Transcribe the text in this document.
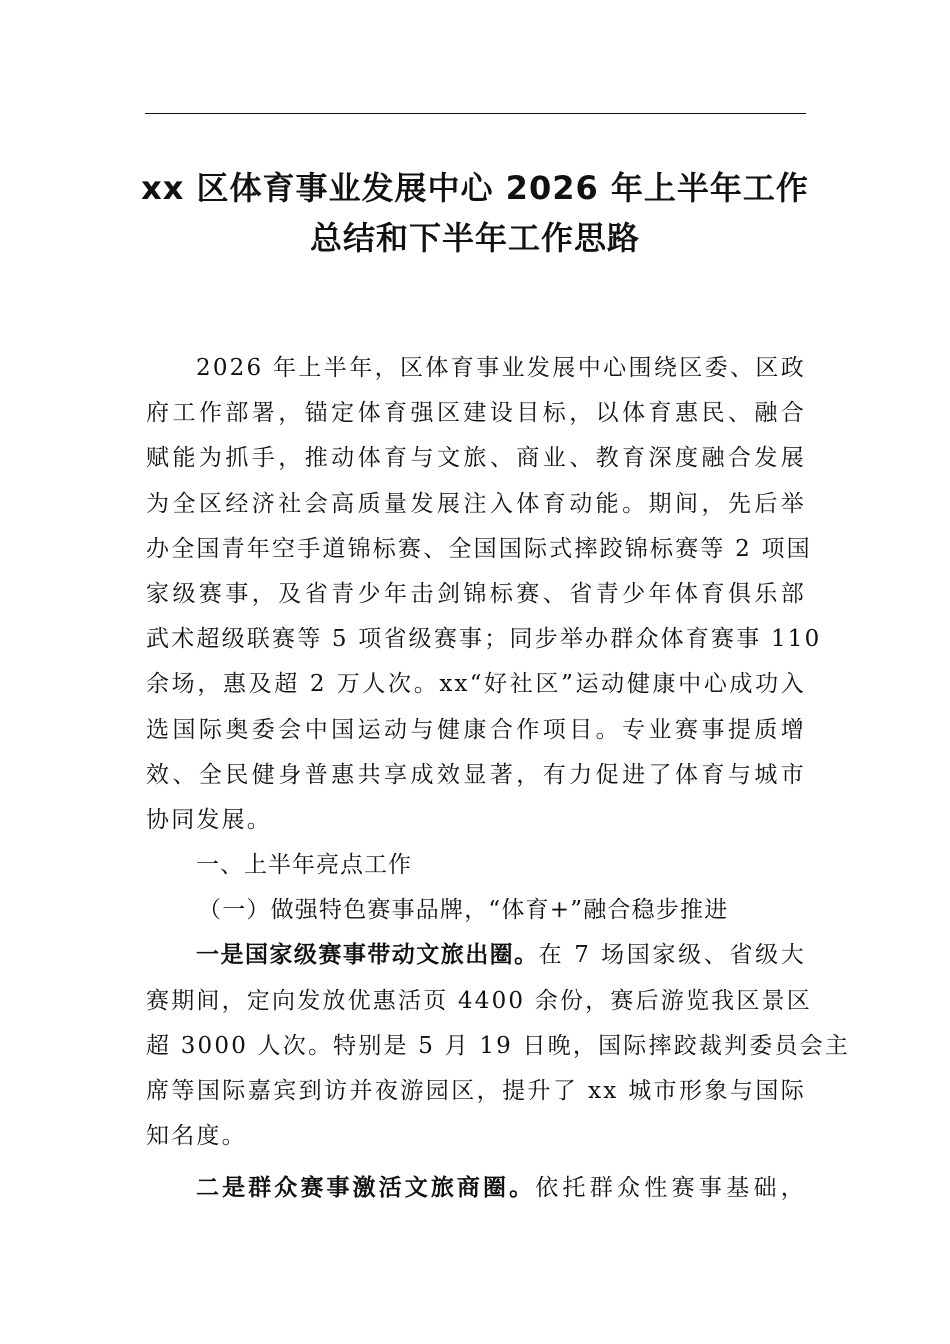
xx 区体育事业发展中心 2026 年上半年工作
总结和下半年工作思路
2026 年上半年，区体育事业发展中心围绕区委、区政
府工作部署，锚定体育强区建设目标，以体育惠民、融合
赋能为抓手，推动体育与文旅、商业、教育深度融合发展
为全区经济社会高质量发展注入体育动能。期间，先后举
办全国青年空手道锦标赛、全国国际式摔跤锦标赛等 2 项国
家级赛事，及省青少年击剑锦标赛、省青少年体育俱乐部
武术超级联赛等 5 项省级赛事；同步举办群众体育赛事 110
余场，惠及超 2 万人次。xx“好社区”运动健康中心成功入
选国际奥委会中国运动与健康合作项目。专业赛事提质增
效、全民健身普惠共享成效显著，有力促进了体育与城市
协同发展。
一、上半年亮点工作
（一）做强特色赛事品牌，“体育+”融合稳步推进
一是国家级赛事带动文旅出圈。在 7 场国家级、省级大
赛期间，定向发放优惠活页 4400 余份，赛后游览我区景区
超 3000 人次。特别是 5 月 19 日晚，国际摔跤裁判委员会主
席等国际嘉宾到访并夜游园区，提升了 xx 城市形象与国际
知名度。
二是群众赛事激活文旅商圈。依托群众性赛事基础，
